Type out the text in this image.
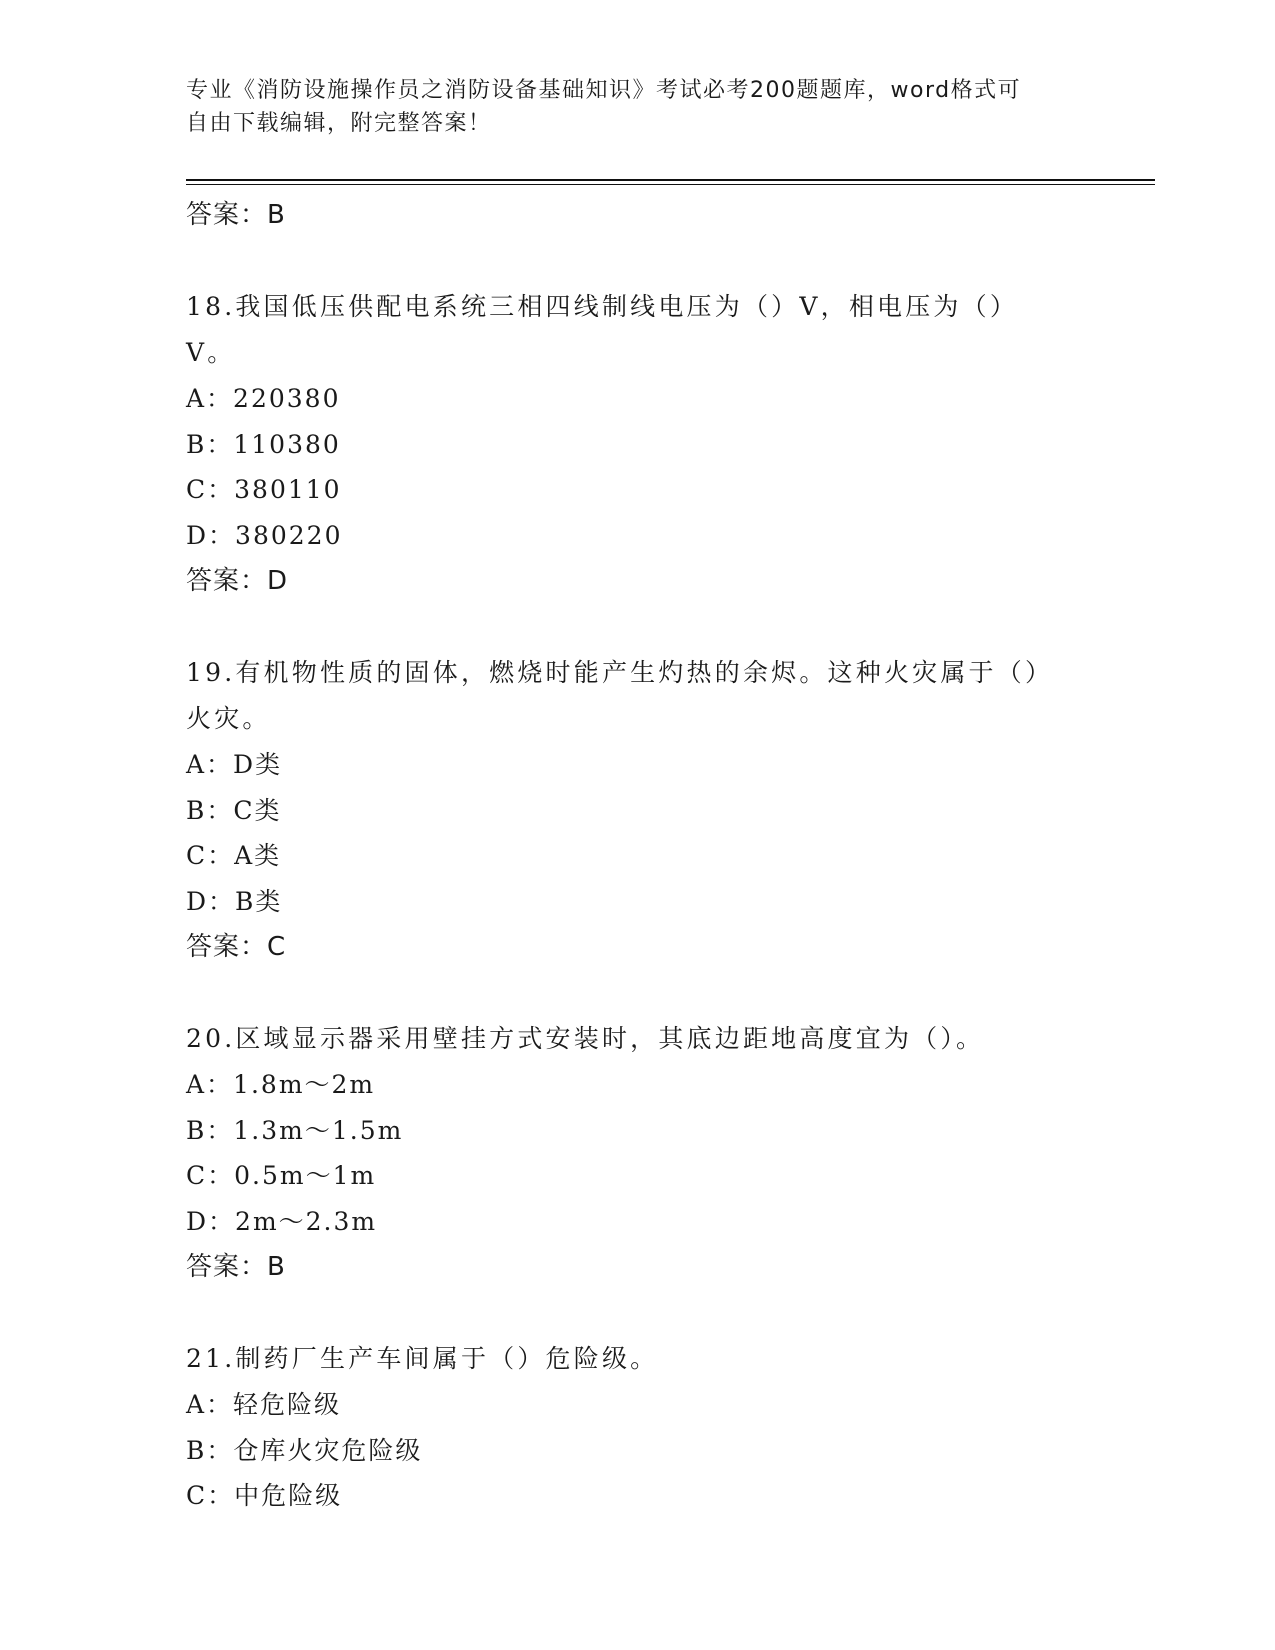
专业《消防设施操作员之消防设备基础知识》考试必考200题题库，word格式可
自由下载编辑，附完整答案！
答案：B
18.我国低压供配电系统三相四线制线电压为（）V，相电压为（）V。
A：220380
B：110380
C：380110
D：380220
答案：D
19.有机物性质的固体，燃烧时能产生灼热的余烬。这种火灾属于（）火灾。
A：D类
B：C类
C：A类
D：B类
答案：C
20.区域显示器采用壁挂方式安装时，其底边距地高度宜为（）。
A：1.8m～2m
B：1.3m～1.5m
C：0.5m～1m
D：2m～2.3m
答案：B
21.制药厂生产车间属于（）危险级。
A：轻危险级
B：仓库火灾危险级
C：中危险级
